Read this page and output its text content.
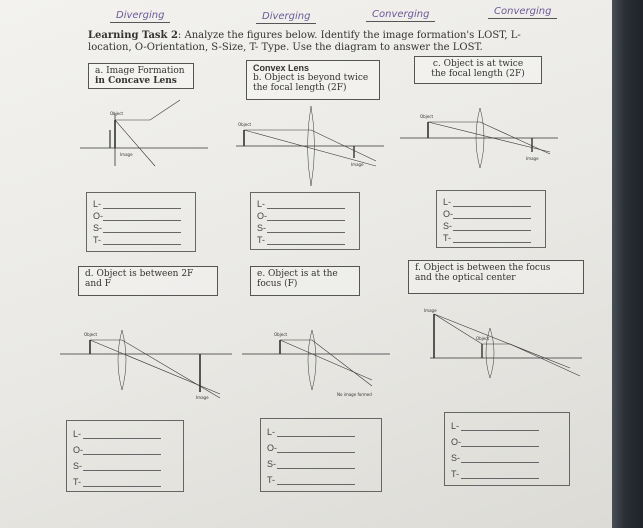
Diverging	Diverging	Converging	Converging
Learning Task 2: Analyze the figures below. Identify the image formation's LOST, L-location, O-Orientation, S-Size, T- Type. Use the diagram to answer the LOST.
a. Image Formation
in Concave Lens
Convex Lens
b. Object is beyond twice
the focal length (2F)
c. Object is at twice
the focal length (2F)
Object
Image
Object
Image
Object
Image
L-
O-
S-
T-
L-
O-
S-
T-
L-
O-
S-
T-
d. Object is between 2F
and F
e. Object is at the
focus (F)
f. Object is between the focus
and the optical center
Object
Image
Object
No image formed
Image
Object
L-
O-
S-
T-
L-
O-
S-
T-
L-
O-
S-
T-
